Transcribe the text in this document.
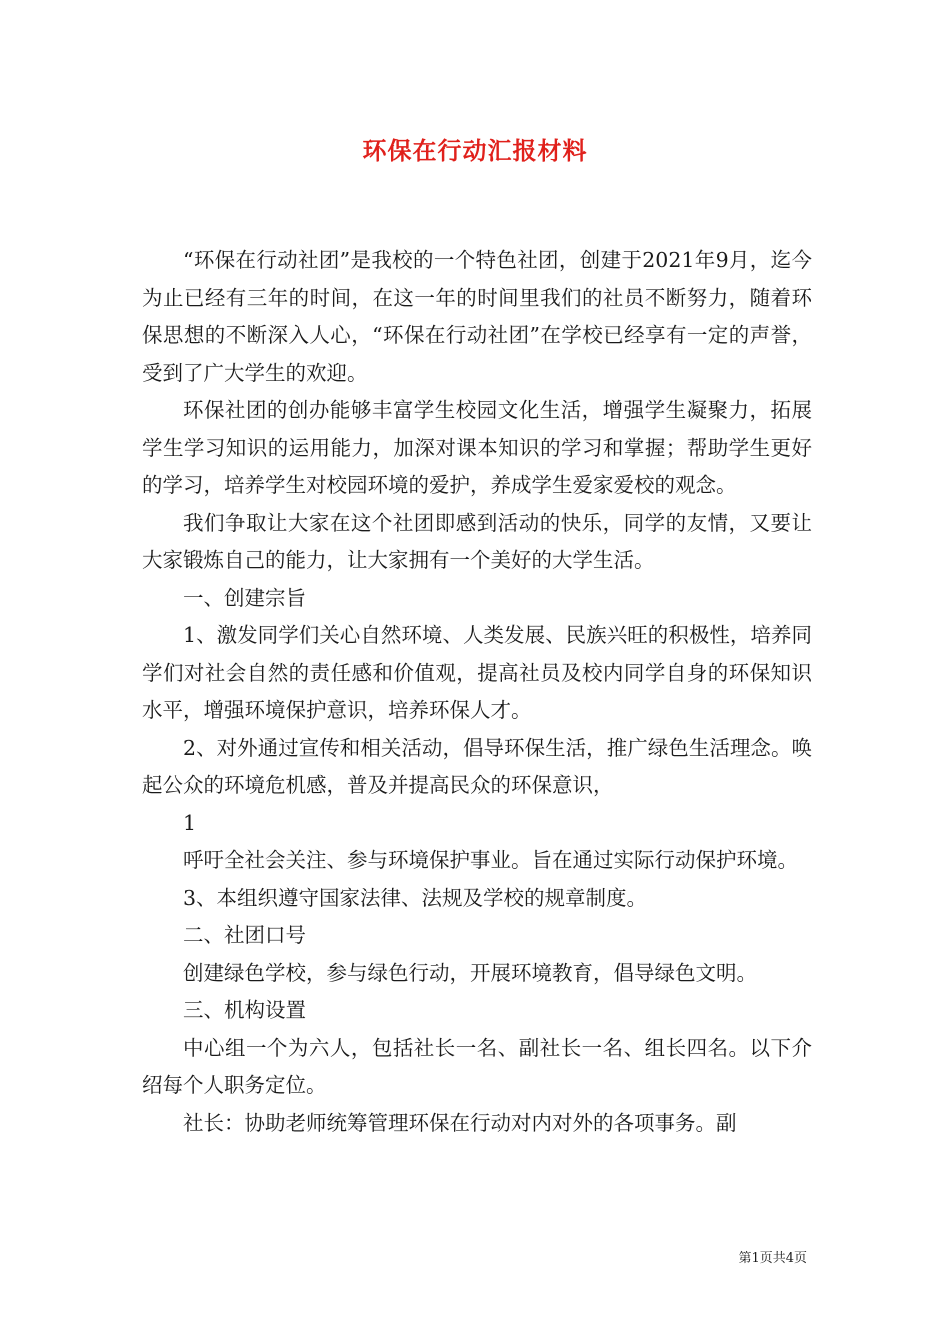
环保在行动汇报材料

“环保在行动社团”是我校的一个特色社团，创建于2021年9月，迄今为止已经有三年的时间，在这一年的时间里我们的社员不断努力，随着环保思想的不断深入人心，“环保在行动社团”在学校已经享有一定的声誉，受到了广大学生的欢迎。

环保社团的创办能够丰富学生校园文化生活，增强学生凝聚力，拓展学生学习知识的运用能力，加深对课本知识的学习和掌握；帮助学生更好的学习，培养学生对校园环境的爱护，养成学生爱家爱校的观念。

我们争取让大家在这个社团即感到活动的快乐，同学的友情，又要让大家锻炼自己的能力，让大家拥有一个美好的大学生活。

一、创建宗旨

1、激发同学们关心自然环境、人类发展、民族兴旺的积极性，培养同学们对社会自然的责任感和价值观，提高社员及校内同学自身的环保知识水平，增强环境保护意识，培养环保人才。

2、对外通过宣传和相关活动，倡导环保生活，推广绿色生活理念。唤起公众的环境危机感，普及并提高民众的环保意识，

1

呼吁全社会关注、参与环境保护事业。旨在通过实际行动保护环境。

3、本组织遵守国家法律、法规及学校的规章制度。

二、社团口号

创建绿色学校，参与绿色行动，开展环境教育，倡导绿色文明。

三、机构设置

中心组一个为六人，包括社长一名、副社长一名、组长四名。以下介绍每个人职务定位。

社长：协助老师统筹管理环保在行动对内对外的各项事务。副

第1页共4页
